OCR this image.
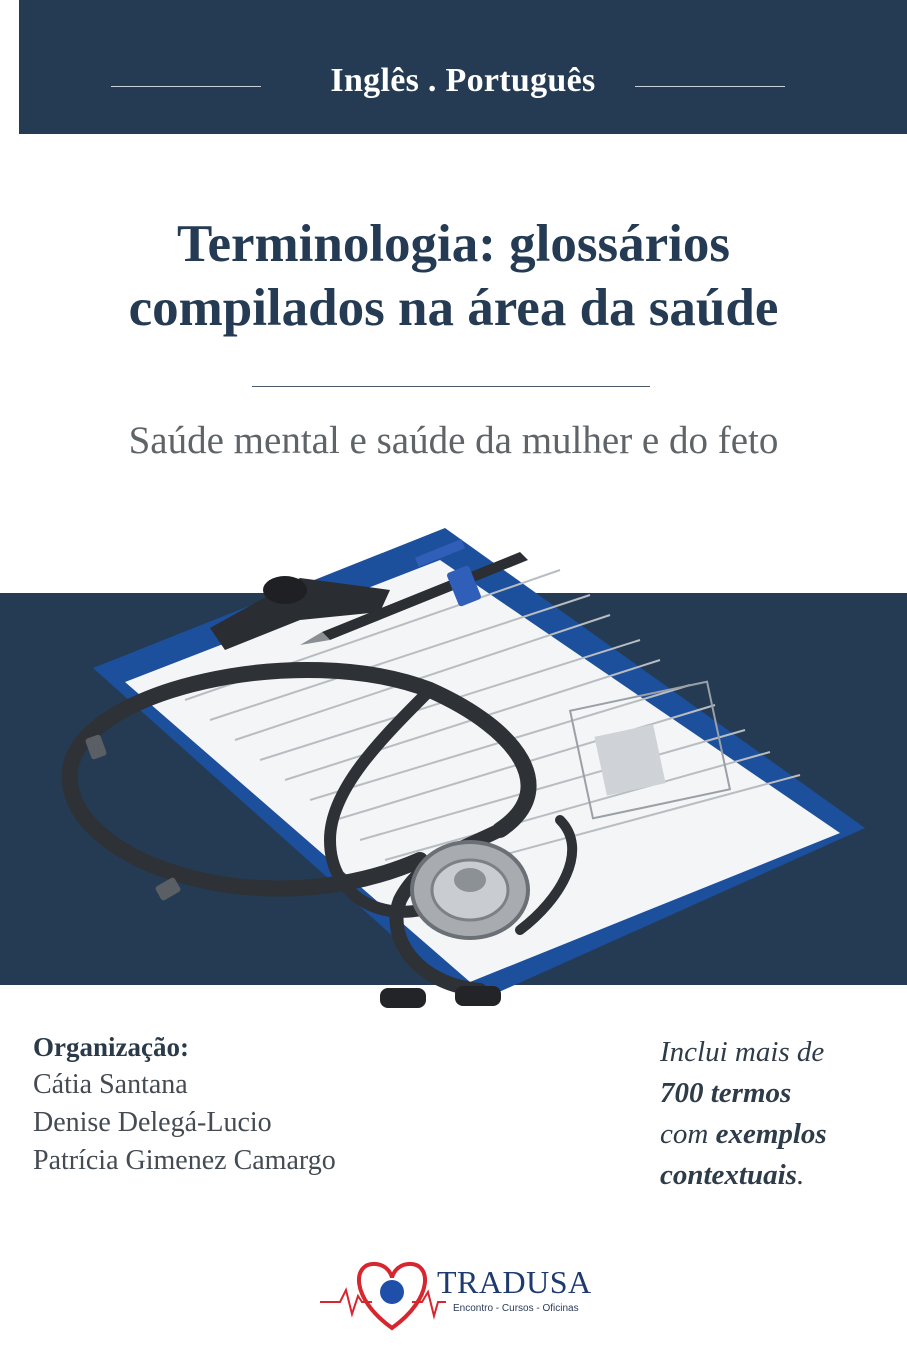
Inglês . Português
Terminologia: glossários
compilados na área da saúde
Saúde mental e saúde da mulher e do feto
Organização:
Cátia Santana
Denise Delegá-Lucio
Patrícia Gimenez Camargo
Inclui mais de
700 termos
com exemplos
contextuais.
TRADUSA
Encontro - Cursos - Oficinas
